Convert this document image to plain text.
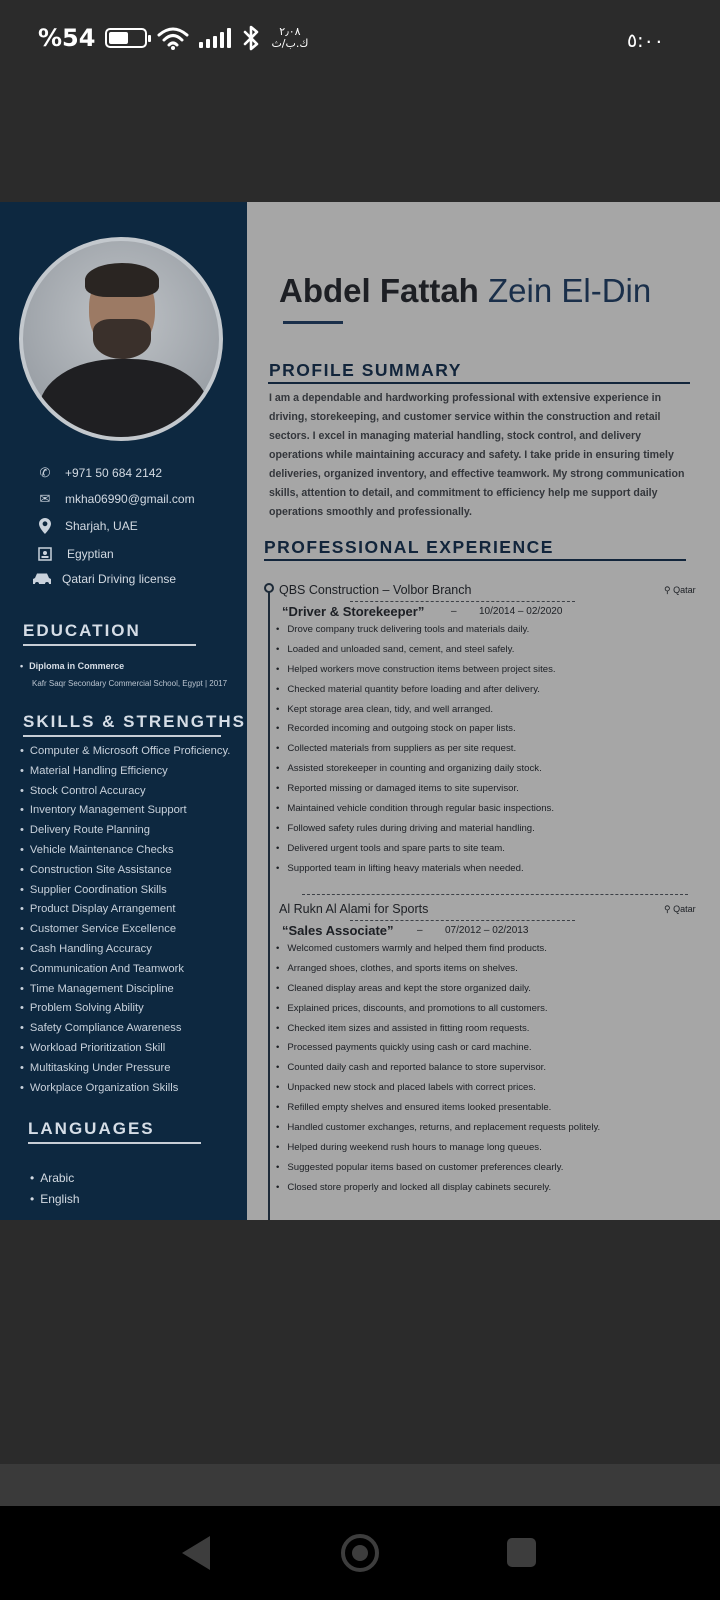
%54	٢٫٠٨
ك.ب/ث	٥:٠٠
✆	+971 50 684 2142
✉	mkha06990@gmail.com
Sharjah, UAE
Egyptian
Qatari Driving license
EDUCATION
• Diploma in Commerce
Kafr Saqr Secondary Commercial School, Egypt | 2017
SKILLS & STRENGTHS
• Computer & Microsoft Office Proficiency.
• Material Handling Efficiency
• Stock Control Accuracy
• Inventory Management Support
• Delivery Route Planning
• Vehicle Maintenance Checks
• Construction Site Assistance
• Supplier Coordination Skills
• Product Display Arrangement
• Customer Service Excellence
• Cash Handling Accuracy
• Communication And Teamwork
• Time Management Discipline
• Problem Solving Ability
• Safety Compliance Awareness
• Workload Prioritization Skill
• Multitasking Under Pressure
• Workplace Organization Skills
LANGUAGES
• Arabic
• English
Abdel Fattah Zein El-Din
PROFILE SUMMARY
I am a dependable and hardworking professional with extensive experience in driving, storekeeping, and customer service within the construction and retail sectors. I excel in managing material handling, stock control, and delivery operations while maintaining accuracy and safety. I take pride in ensuring timely deliveries, organized inventory, and effective teamwork. My strong communication skills, attention to detail, and commitment to efficiency help me support daily operations smoothly and professionally.
PROFESSIONAL EXPERIENCE
QBS Construction – Volbor Branch	⚲ Qatar
“Driver & Storekeeper”	– 10/2014 – 02/2020
• Drove company truck delivering tools and materials daily.
• Loaded and unloaded sand, cement, and steel safely.
• Helped workers move construction items between project sites.
• Checked material quantity before loading and after delivery.
• Kept storage area clean, tidy, and well arranged.
• Recorded incoming and outgoing stock on paper lists.
• Collected materials from suppliers as per site request.
• Assisted storekeeper in counting and organizing daily stock.
• Reported missing or damaged items to site supervisor.
• Maintained vehicle condition through regular basic inspections.
• Followed safety rules during driving and material handling.
• Delivered urgent tools and spare parts to site team.
• Supported team in lifting heavy materials when needed.
Al Rukn Al Alami for Sports	⚲ Qatar
“Sales Associate” – 07/2012 – 02/2013
• Welcomed customers warmly and helped them find products.
• Arranged shoes, clothes, and sports items on shelves.
• Cleaned display areas and kept the store organized daily.
• Explained prices, discounts, and promotions to all customers.
• Checked item sizes and assisted in fitting room requests.
• Processed payments quickly using cash or card machine.
• Counted daily cash and reported balance to store supervisor.
• Unpacked new stock and placed labels with correct prices.
• Refilled empty shelves and ensured items looked presentable.
• Handled customer exchanges, returns, and replacement requests politely.
• Helped during weekend rush hours to manage long queues.
• Suggested popular items based on customer preferences clearly.
• Closed store properly and locked all display cabinets securely.
